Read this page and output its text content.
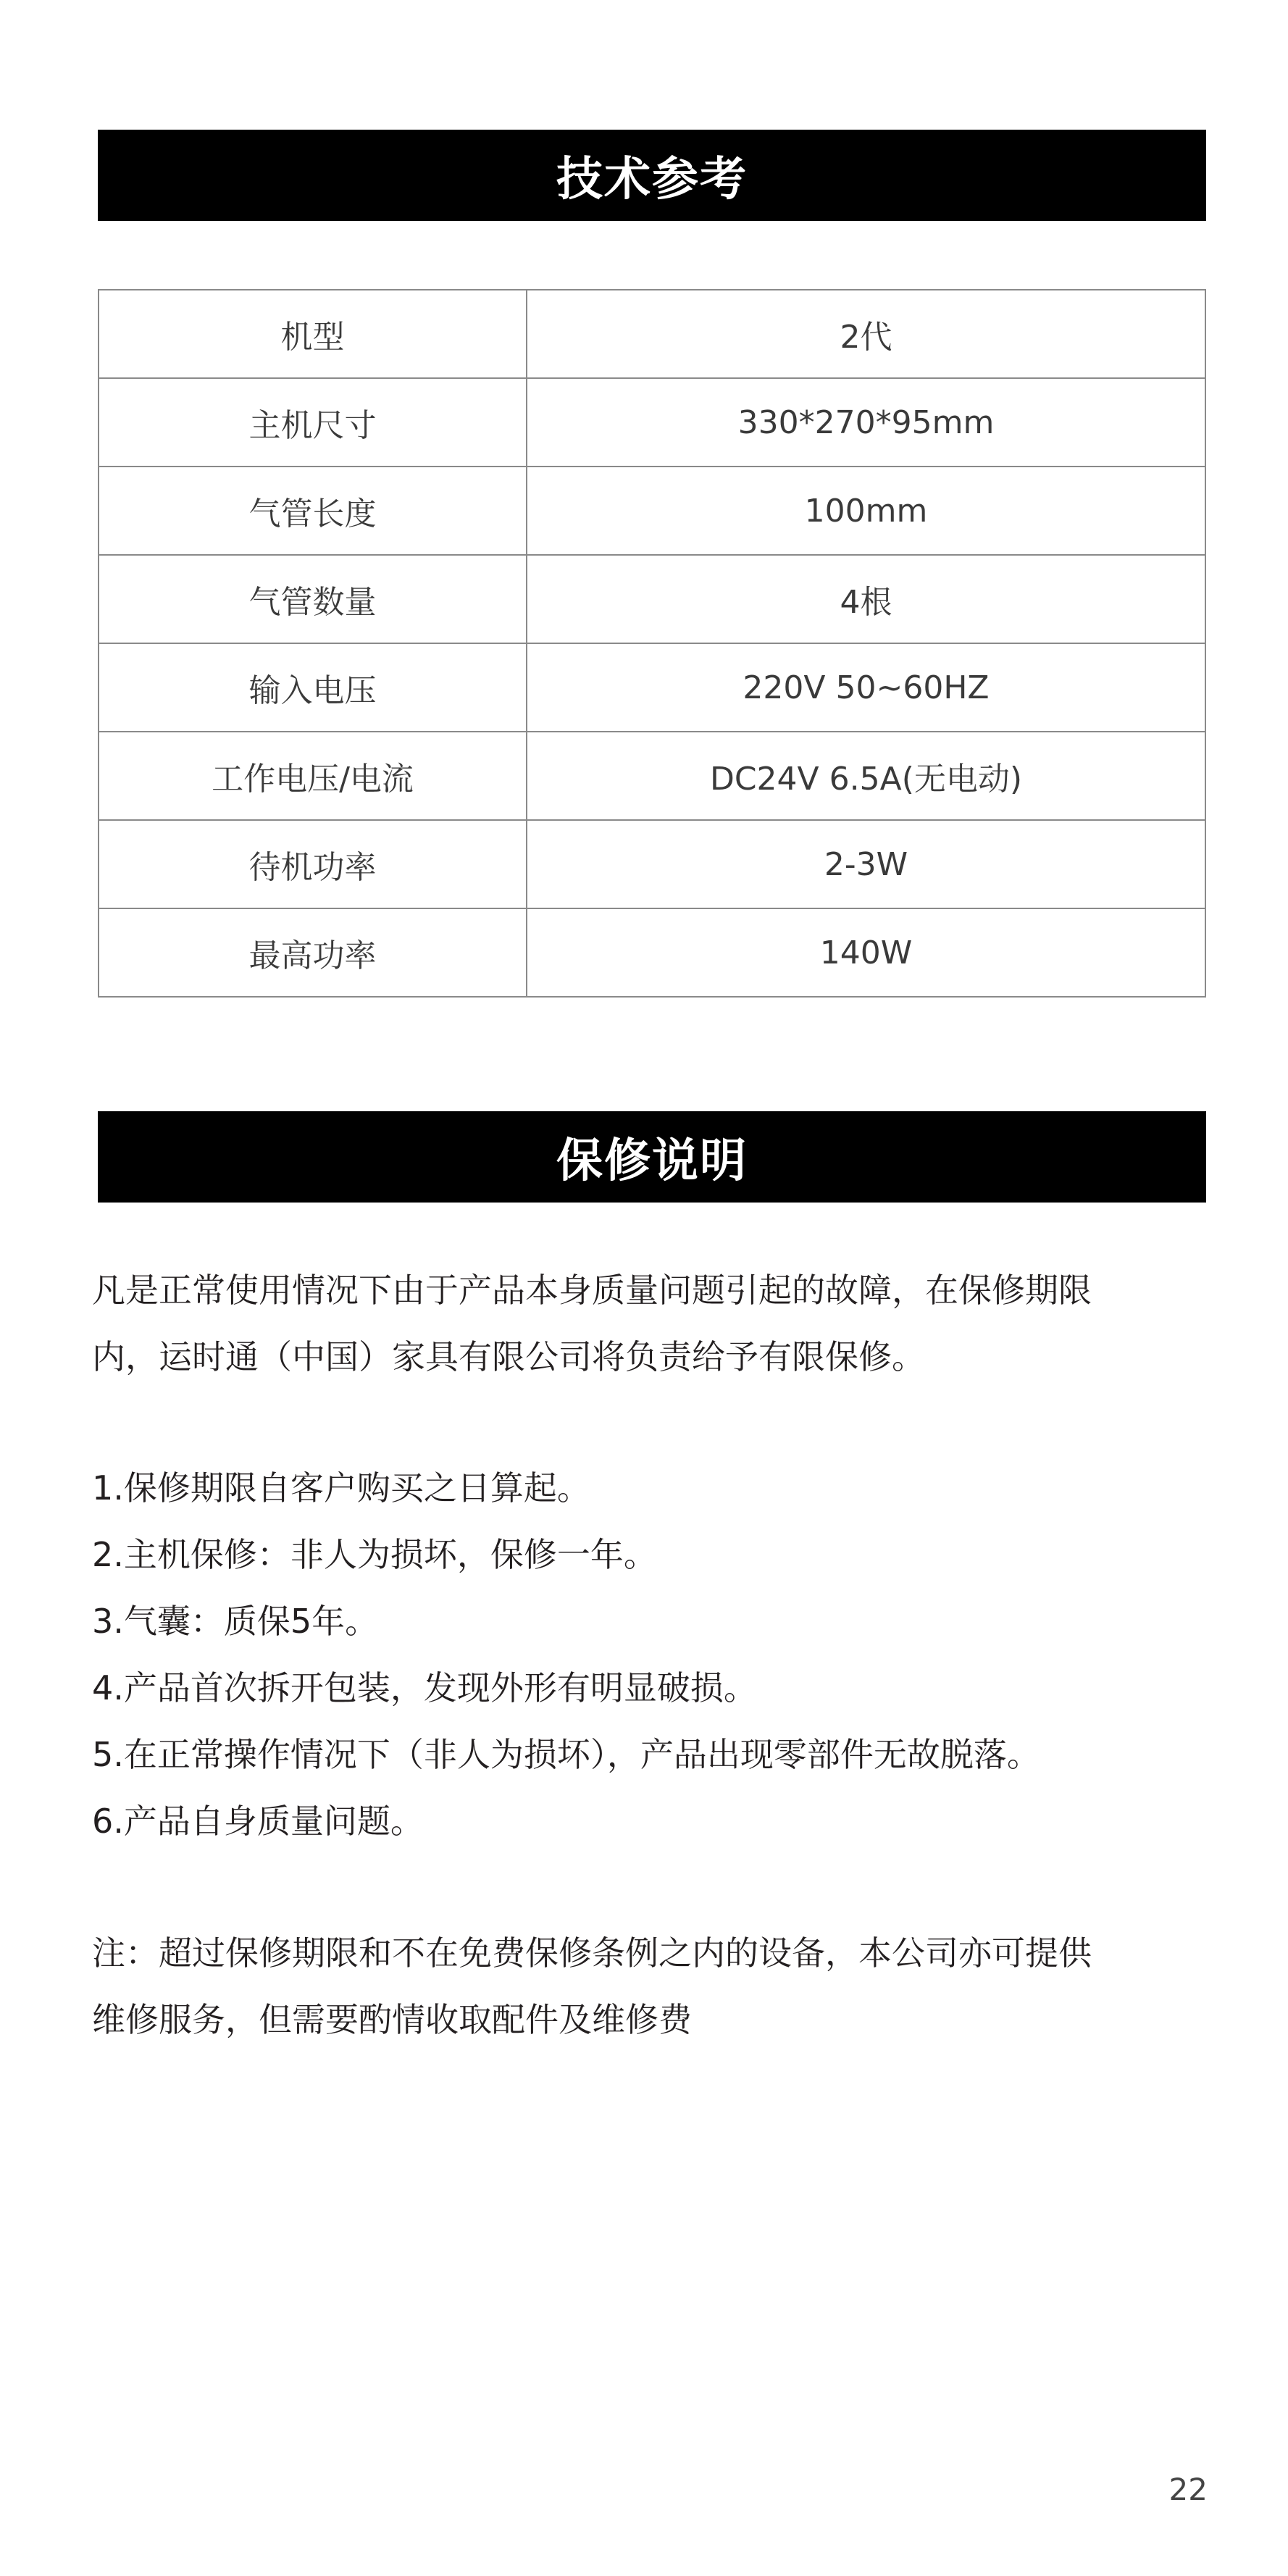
技术参考
机型	2代
主机尺寸	330*270*95mm
气管长度	100mm
气管数量	4根
输入电压	220V 50~60HZ
工作电压/电流	DC24V 6.5A(无电动)
待机功率	2-3W
最高功率	140W
保修说明

凡是正常使用情况下由于产品本身质量问题引起的故障，在保修期限

内，运时通（中国）家具有限公司将负责给予有限保修。

1.保修期限自客户购买之日算起。

2.主机保修：非人为损坏，保修一年。

3.气囊：质保5年。

4.产品首次拆开包装，发现外形有明显破损。

5.在正常操作情况下（非人为损坏），产品出现零部件无故脱落。

6.产品自身质量问题。

注：超过保修期限和不在免费保修条例之内的设备，本公司亦可提供

维修服务，但需要酌情收取配件及维修费

22
